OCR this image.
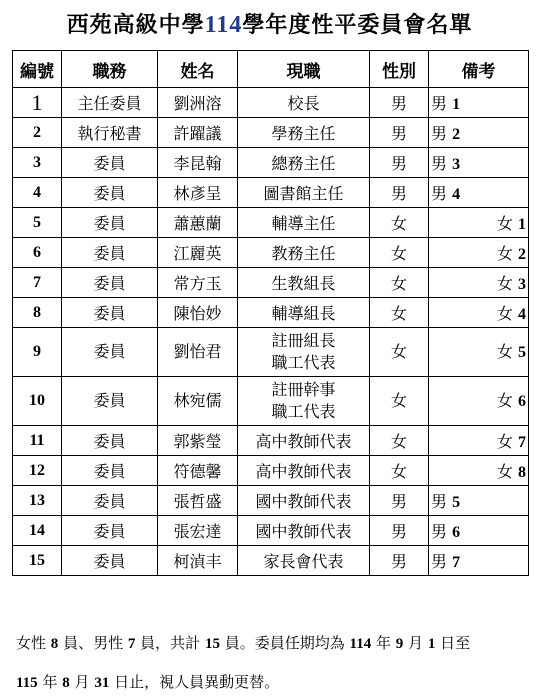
西苑高級中學114學年度性平委員會名單
編號	職務	姓名	現職	性別	備考
1	主任委員	劉洲溶	校長	男	男 1
2	執行秘書	許躍議	學務主任	男	男 2
3	委員	李昆翰	總務主任	男	男 3
4	委員	林彥呈	圖書館主任	男	男 4
5	委員	蕭蕙蘭	輔導主任	女	女 1
6	委員	江麗英	教務主任	女	女 2
7	委員	常方玉	生教組長	女	女 3
8	委員	陳怡妙	輔導組長	女	女 4
9	委員	劉怡君	註冊組長
職工代表	女	女 5
10	委員	林宛儒	註冊幹事
職工代表	女	女 6
11	委員	郭紫瑩	高中教師代表	女	女 7
12	委員	符德馨	高中教師代表	女	女 8
13	委員	張哲盛	國中教師代表	男	男 5
14	委員	張宏達	國中教師代表	男	男 6
15	委員	柯湞丰	家長會代表	男	男 7
女性 8 員、男性 7 員，共計 15 員。委員任期均為 114 年 9 月 1 日至
115 年 8 月 31 日止，視人員異動更替。
